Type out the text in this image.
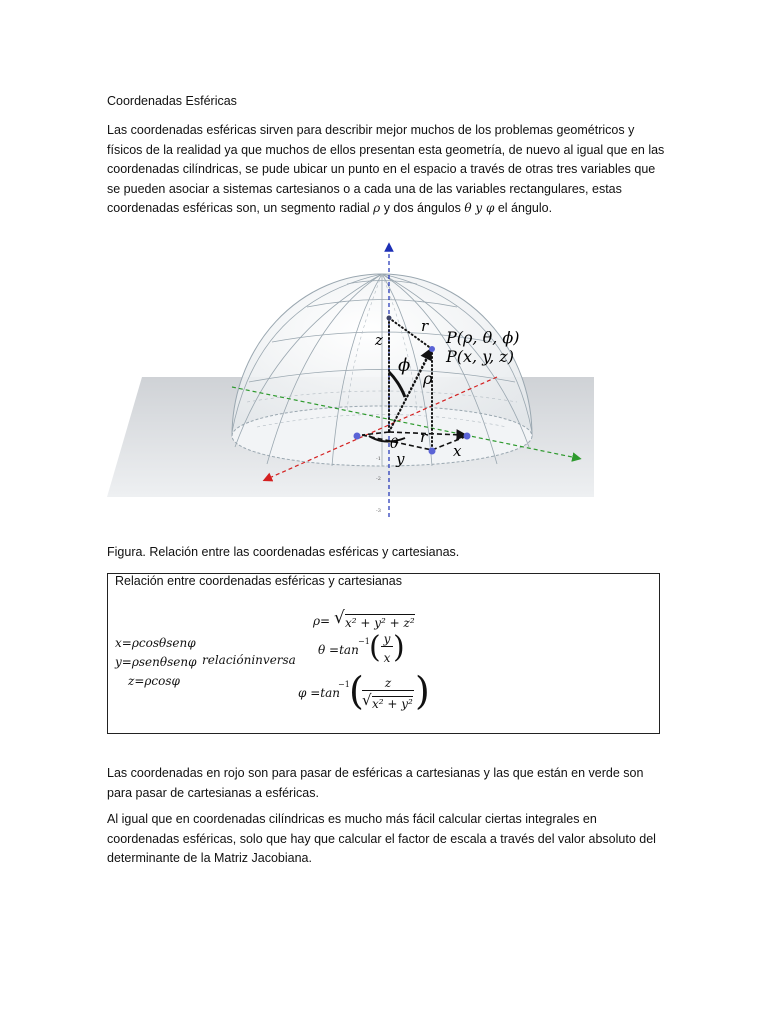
Coordenadas Esféricas

Las coordenadas esféricas sirven para describir mejor muchos de los problemas geométricos y físicos de la realidad ya que muchos de ellos presentan esta geometría, de nuevo al igual que en las coordenadas cilíndricas, se pude ubicar un punto en el espacio a través de otras tres variables que se pueden asociar a sistemas cartesianos o a cada una de las variables rectangulares, estas coordenadas esféricas son, un segmento radial ρ y dos ángulos θ y φ el ángulo.

-1
-2
-3
r
z
ϕ
ρ
θ r
y	x
P(ρ, θ, ϕ)
P(x, y, z)
Figura. Relación entre las coordenadas esféricas y cartesianas.
Relación entre coordenadas esféricas y cartesianas
x=ρcosθsenφ
y=ρsenθsenφ
z=ρcosφ
relacióninversa
ρ= √ x² + y² + z²
θ =tan
−1 ( y
x )
φ =tan
−1 (	z
√ x² + y² )

Las coordenadas en rojo son para pasar de esféricas a cartesianas y las que están en verde son para pasar de cartesianas a esféricas.

Al igual que en coordenadas cilíndricas es mucho más fácil calcular ciertas integrales en coordenadas esféricas, solo que hay que calcular el factor de escala a través del valor absoluto del determinante de la Matriz Jacobiana.
